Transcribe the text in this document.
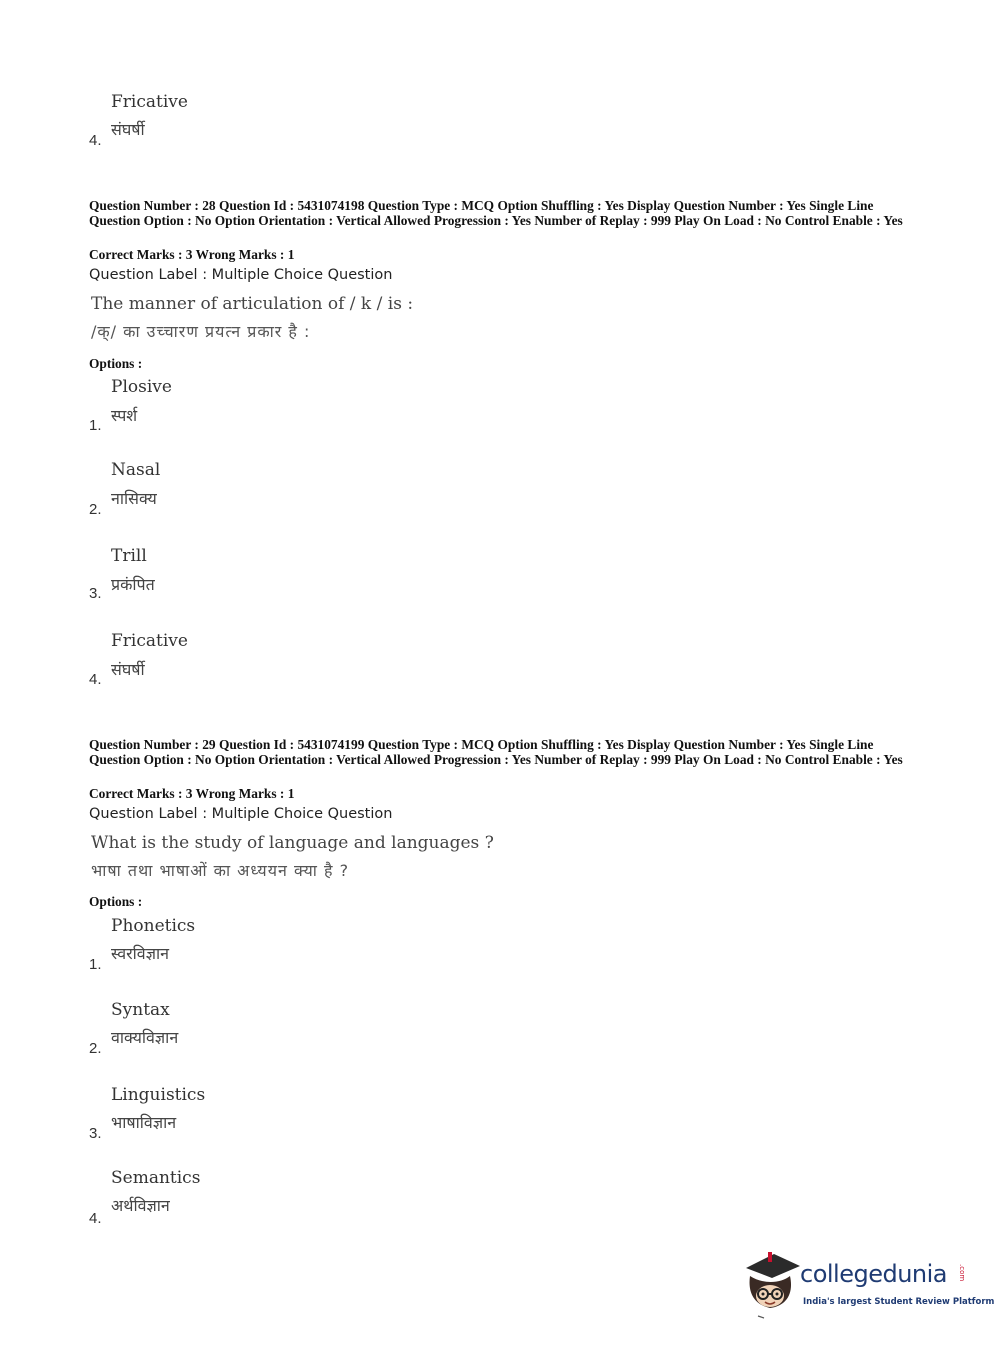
Fricative
संघर्षी
4.
Question Number : 28 Question Id : 5431074198 Question Type : MCQ Option Shuffling : Yes Display Question Number : Yes Single Line Question Option : No Option Orientation : Vertical Allowed Progression : Yes Number of Replay : 999 Play On Load : No Control Enable : Yes
Correct Marks : 3 Wrong Marks : 1
Question Label : Multiple Choice Question
The manner of articulation of / k / is :
/क्/ का उच्चारण प्रयत्न प्रकार है :
Options :
Plosive
स्पर्श
1.
Nasal
नासिक्य
2.
Trill
प्रकंपित
3.
Fricative
संघर्षी
4.
Question Number : 29 Question Id : 5431074199 Question Type : MCQ Option Shuffling : Yes Display Question Number : Yes Single Line Question Option : No Option Orientation : Vertical Allowed Progression : Yes Number of Replay : 999 Play On Load : No Control Enable : Yes
Correct Marks : 3 Wrong Marks : 1
Question Label : Multiple Choice Question
What is the study of language and languages ?
भाषा तथा भाषाओं का अध्ययन क्या है ?
Options :
Phonetics
स्वरविज्ञान
1.
Syntax
वाक्यविज्ञान
2.
Linguistics
भाषाविज्ञान
3.
Semantics
अर्थविज्ञान
4.
collegedunia .com
India's largest Student Review Platform
